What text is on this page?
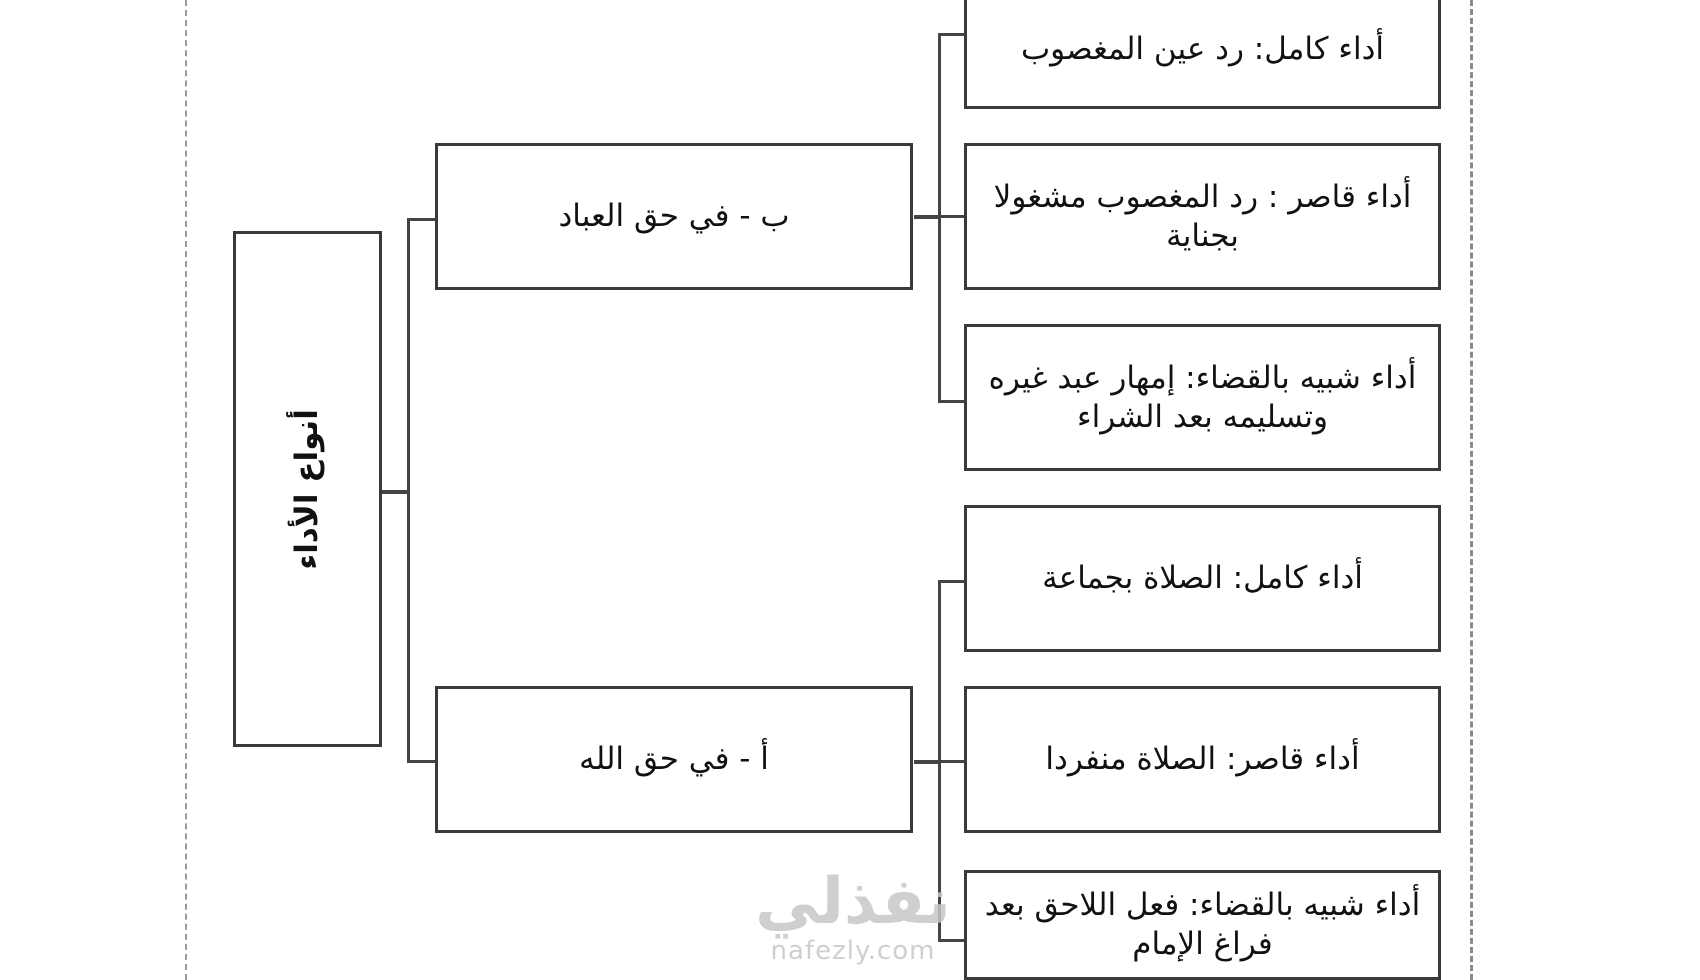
أنواع الأداء
ب - في حق العباد
أ - في حق الله
أداء كامل: رد عين المغصوب
أداء قاصر : رد المغصوب مشغولا بجناية
أداء شبيه بالقضاء: إمهار عبد غيره وتسليمه بعد الشراء
أداء كامل: الصلاة بجماعة
أداء قاصر: الصلاة منفردا
أداء شبيه بالقضاء: فعل اللاحق بعد فراغ الإمام
نفذلي
nafezly.com
